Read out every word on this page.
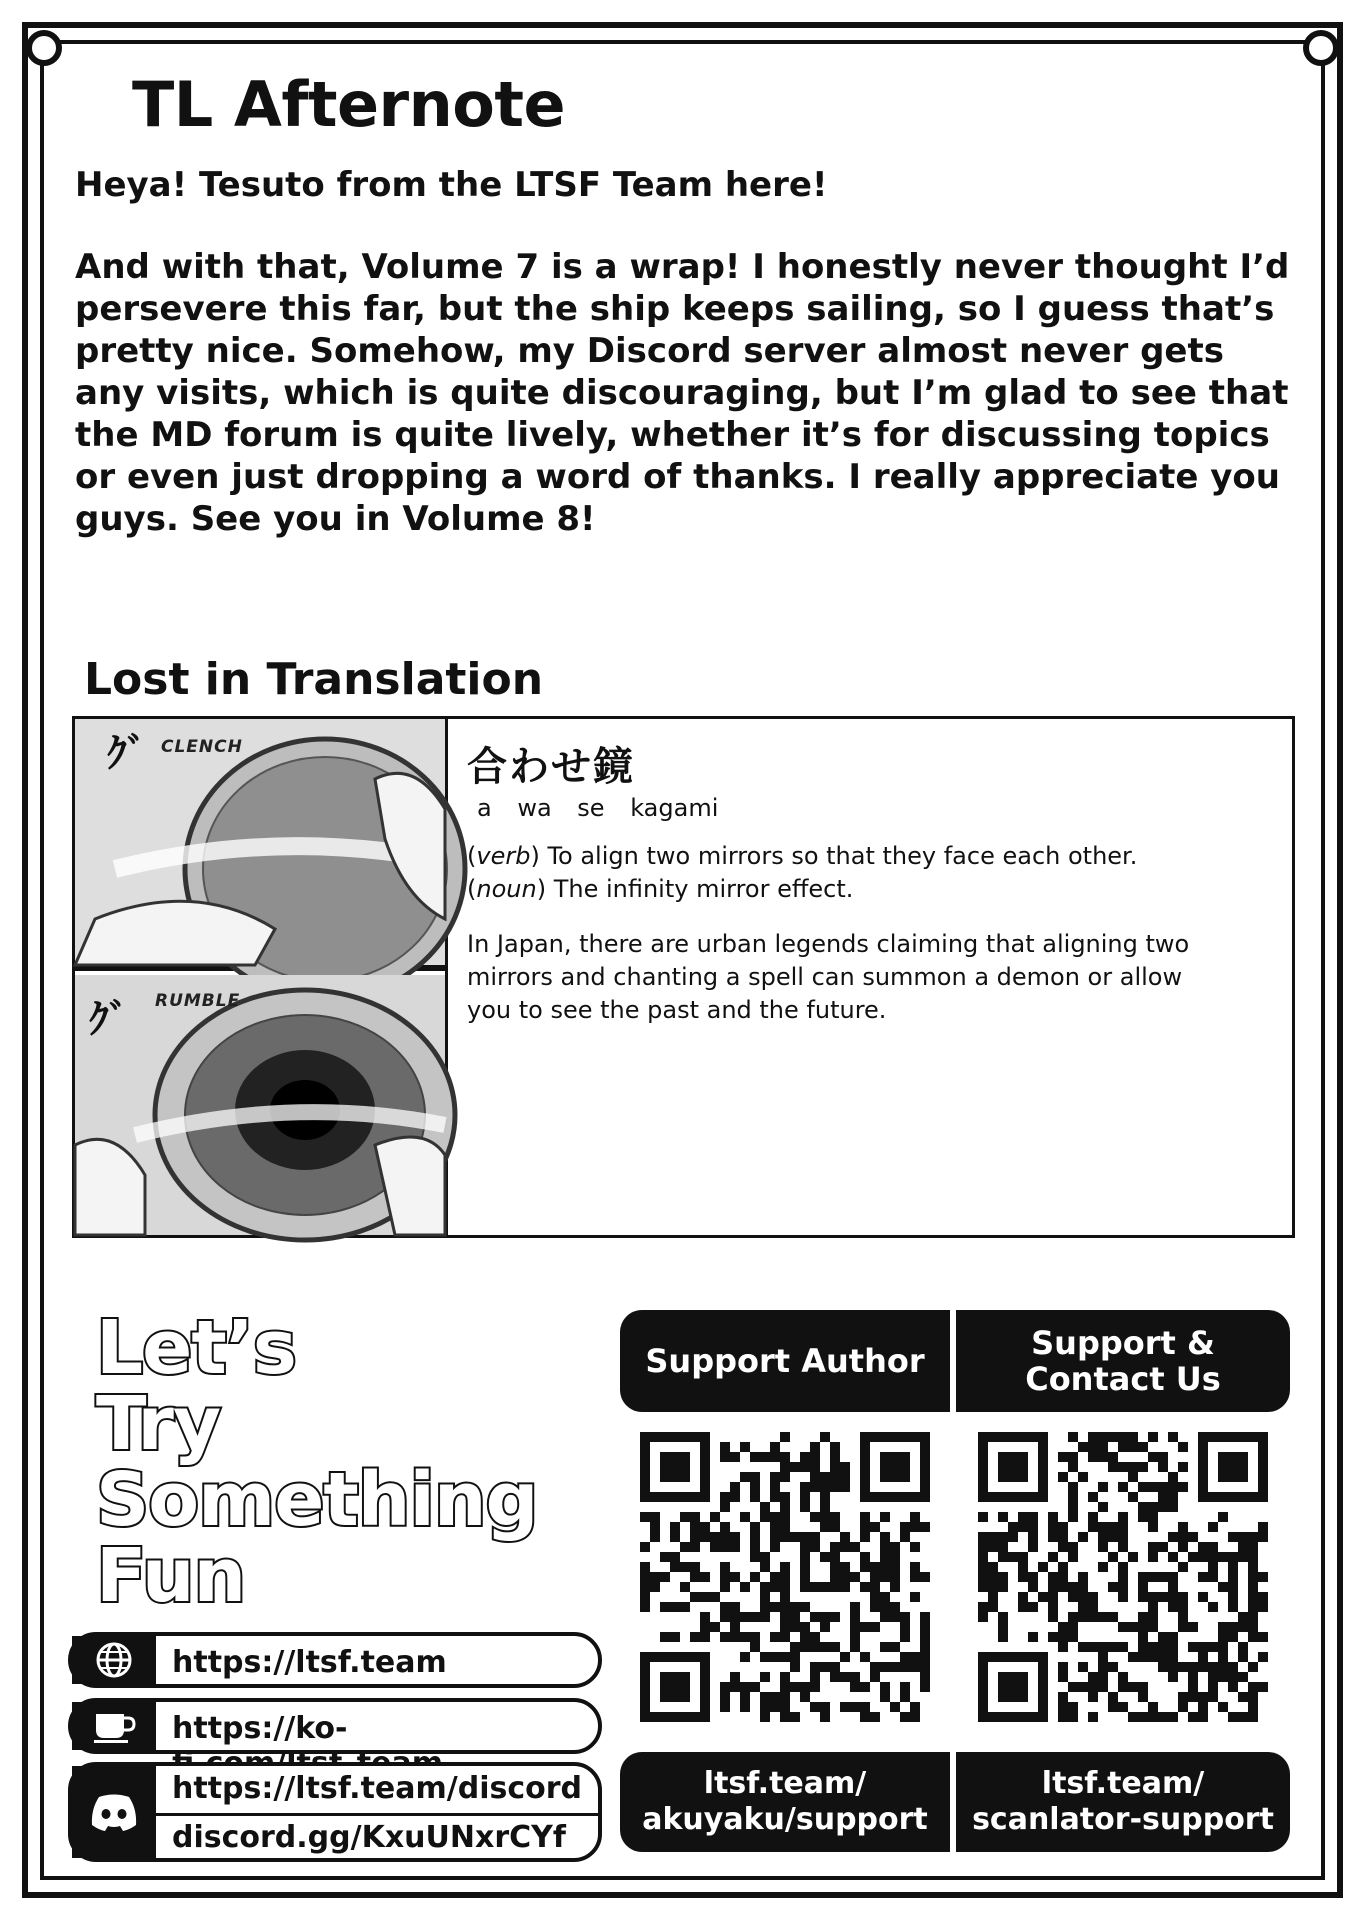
TL Afternote

Heya! Tesuto from the LTSF Team here!

And with that, Volume 7 is a wrap! I honestly never thought I’d persevere this far, but the ship keeps sailing, so I guess that’s pretty nice. Somehow, my Discord server almost never gets any visits, which is quite discouraging, but I’m glad to see that the MD forum is quite lively, whether it’s for discussing topics or even just dropping a word of thanks. I really appreciate you guys. See you in Volume 8!

Lost in Translation
ｸﾞ CLENCH
ｸﾞ RUMBLE

合わせ鏡

a wa se kagami

(verb) To align two mirrors so that they face each other.

(noun) The infinity mirror effect.

In Japan, there are urban legends claiming that aligning two mirrors and chanting a spell can summon a demon or allow you to see the past and the future.

Let’s
Try
Something
Fun
https://ltsf.team
https://ko-
https://ltsf.team/discord
discord.gg/KxuUNxrCYf
Support Author	Support & Contact Us
ltsf.team/ akuyaku/support
ltsf.team/ scanlator-support
